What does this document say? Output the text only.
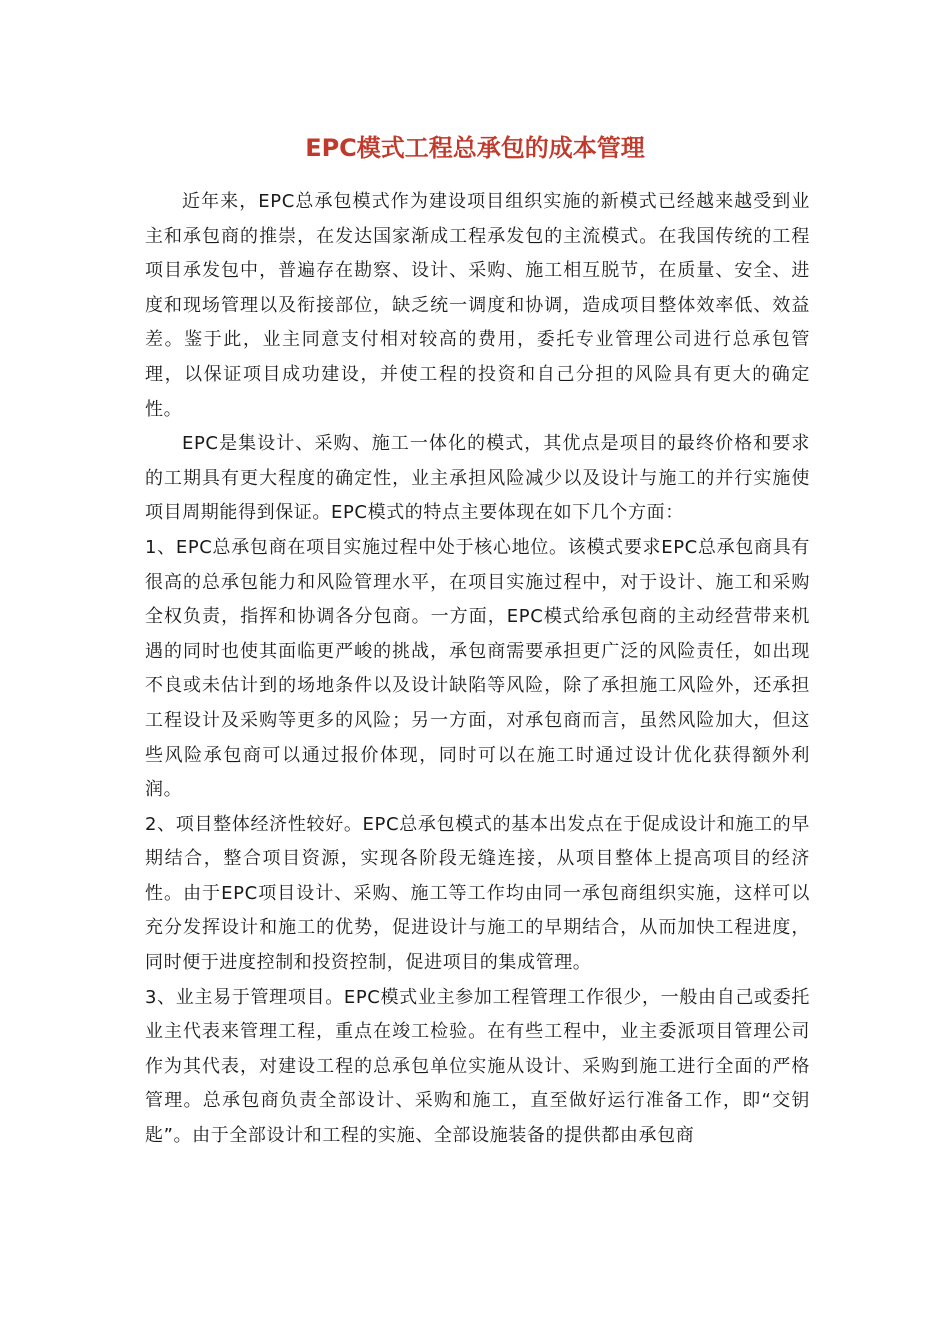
EPC模式工程总承包的成本管理

近年来，EPC总承包模式作为建设项目组织实施的新模式已经越来越受到业主和承包商的推崇，在发达国家渐成工程承发包的主流模式。在我国传统的工程项目承发包中，普遍存在勘察、设计、采购、施工相互脱节，在质量、安全、进度和现场管理以及衔接部位，缺乏统一调度和协调，造成项目整体效率低、效益差。鉴于此，业主同意支付相对较高的费用，委托专业管理公司进行总承包管理，以保证项目成功建设，并使工程的投资和自己分担的风险具有更大的确定性。

EPC是集设计、采购、施工一体化的模式，其优点是项目的最终价格和要求的工期具有更大程度的确定性，业主承担风险减少以及设计与施工的并行实施使项目周期能得到保证。EPC模式的特点主要体现在如下几个方面：

1、EPC总承包商在项目实施过程中处于核心地位。该模式要求EPC总承包商具有很高的总承包能力和风险管理水平，在项目实施过程中，对于设计、施工和采购全权负责，指挥和协调各分包商。一方面，EPC模式给承包商的主动经营带来机遇的同时也使其面临更严峻的挑战，承包商需要承担更广泛的风险责任，如出现不良或未估计到的场地条件以及设计缺陷等风险，除了承担施工风险外，还承担工程设计及采购等更多的风险；另一方面，对承包商而言，虽然风险加大，但这些风险承包商可以通过报价体现，同时可以在施工时通过设计优化获得额外利润。

2、项目整体经济性较好。EPC总承包模式的基本出发点在于促成设计和施工的早期结合，整合项目资源，实现各阶段无缝连接，从项目整体上提高项目的经济性。由于EPC项目设计、采购、施工等工作均由同一承包商组织实施，这样可以充分发挥设计和施工的优势，促进设计与施工的早期结合，从而加快工程进度，同时便于进度控制和投资控制，促进项目的集成管理。

3、业主易于管理项目。EPC模式业主参加工程管理工作很少，一般由自己或委托业主代表来管理工程，重点在竣工检验。在有些工程中，业主委派项目管理公司作为其代表，对建设工程的总承包单位实施从设计、采购到施工进行全面的严格管理。总承包商负责全部设计、采购和施工，直至做好运行准备工作，即“交钥匙”。由于全部设计和工程的实施、全部设施装备的提供都由承包商
